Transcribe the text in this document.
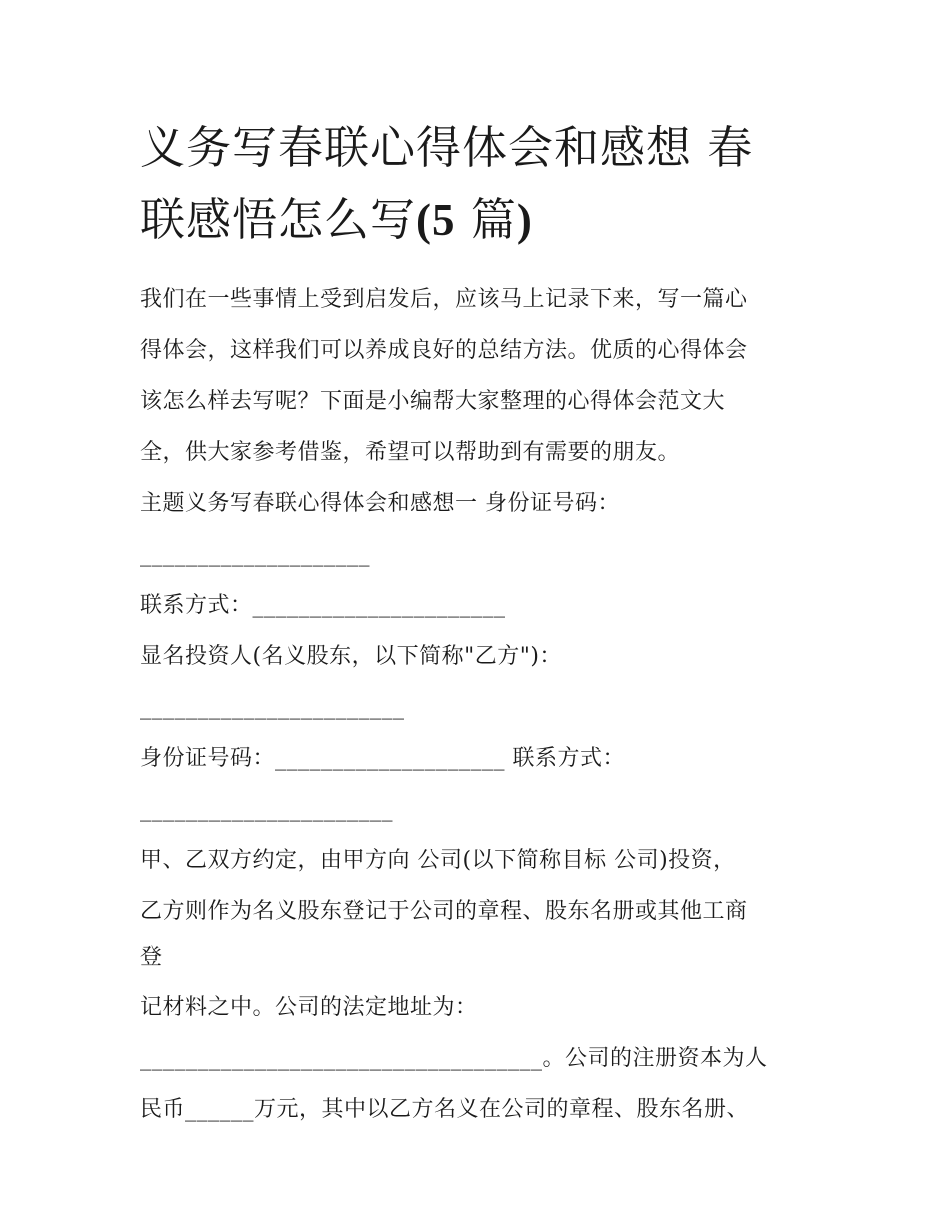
义务写春联心得体会和感想 春
联感悟怎么写(5 篇)
我们在一些事情上受到启发后，应该马上记录下来，写一篇心
得体会，这样我们可以养成良好的总结方法。优质的心得体会
该怎么样去写呢？下面是小编帮大家整理的心得体会范文大
全，供大家参考借鉴，希望可以帮助到有需要的朋友。
主题义务写春联心得体会和感想一 身份证号码：
____________________
联系方式：______________________
显名投资人(名义股东，以下简称"乙方")：
_______________________
身份证号码：____________________ 联系方式：
______________________
甲、乙双方约定，由甲方向 公司(以下简称目标 公司)投资，
乙方则作为名义股东登记于公司的章程、股东名册或其他工商
登
记材料之中。公司的法定地址为：
___________________________________。公司的注册资本为人
民币______万元，其中以乙方名义在公司的章程、股东名册、
